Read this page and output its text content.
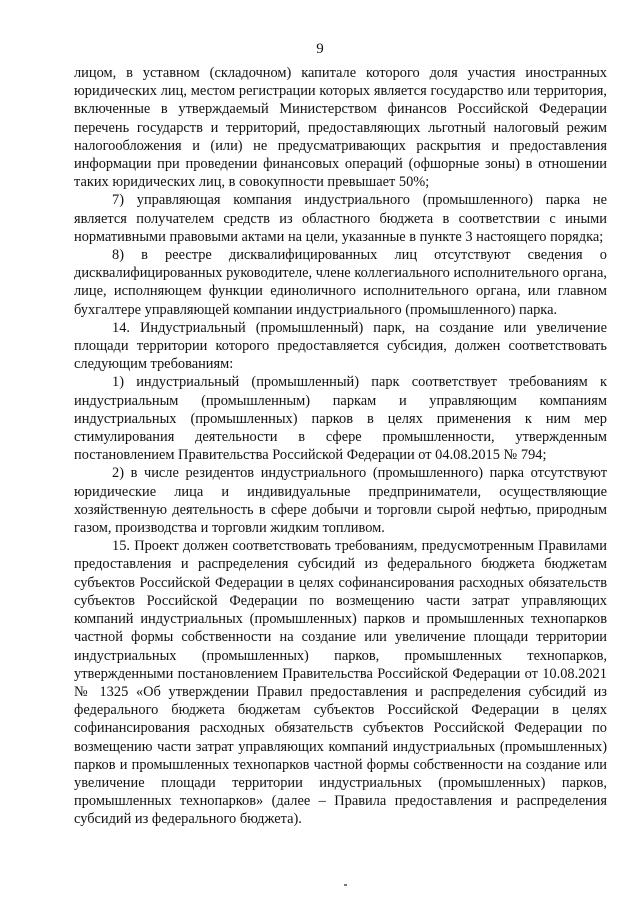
9

лицом, в уставном (складочном) капитале которого доля участия иностранных юридических лиц, местом регистрации которых является государство или территория, включенные в утверждаемый Министерством финансов Российской Федерации перечень государств и территорий, предоставляющих льготный налоговый режим налогообложения и (или) не предусматривающих раскрытия и предоставления информации при проведении финансовых операций (офшорные зоны) в отношении таких юридических лиц, в совокупности превышает 50%;

7) управляющая компания индустриального (промышленного) парка не является получателем средств из областного бюджета в соответствии с иными нормативными правовыми актами на цели, указанные в пункте 3 настоящего порядка;

8) в реестре дисквалифицированных лиц отсутствуют сведения о дисквалифицированных руководителе, члене коллегиального исполнительного органа, лице, исполняющем функции единоличного исполнительного органа, или главном бухгалтере управляющей компании индустриального (промышленного) парка.

14. Индустриальный (промышленный) парк, на создание или увеличение площади территории которого предоставляется субсидия, должен соответствовать следующим требованиям:

1) индустриальный (промышленный) парк соответствует требованиям к индустриальным (промышленным) паркам и управляющим компаниям индустриальных (промышленных) парков в целях применения к ним мер стимулирования деятельности в сфере промышленности, утвержденным постановлением Правительства Российской Федерации от 04.08.2015 № 794;

2) в числе резидентов индустриального (промышленного) парка отсутствуют юридические лица и индивидуальные предприниматели, осуществляющие хозяйственную деятельность в сфере добычи и торговли сырой нефтью, природным газом, производства и торговли жидким топливом.

15. Проект должен соответствовать требованиям, предусмотренным Правилами предоставления и распределения субсидий из федерального бюджета бюджетам субъектов Российской Федерации в целях софинансирования расходных обязательств субъектов Российской Федерации по возмещению части затрат управляющих компаний индустриальных (промышленных) парков и промышленных технопарков частной формы собственности на создание или увеличение площади территории индустриальных (промышленных) парков, промышленных технопарков, утвержденными постановлением Правительства Российской Федерации от 10.08.2021 № 1325 «Об утверждении Правил предоставления и распределения субсидий из федерального бюджета бюджетам субъектов Российской Федерации в целях софинансирования расходных обязательств субъектов Российской Федерации по возмещению части затрат управляющих компаний индустриальных (промышленных) парков и промышленных технопарков частной формы собственности на создание или увеличение площади территории индустриальных (промышленных) парков, промышленных технопарков» (далее – Правила предоставления и распределения субсидий из федерального бюджета).
